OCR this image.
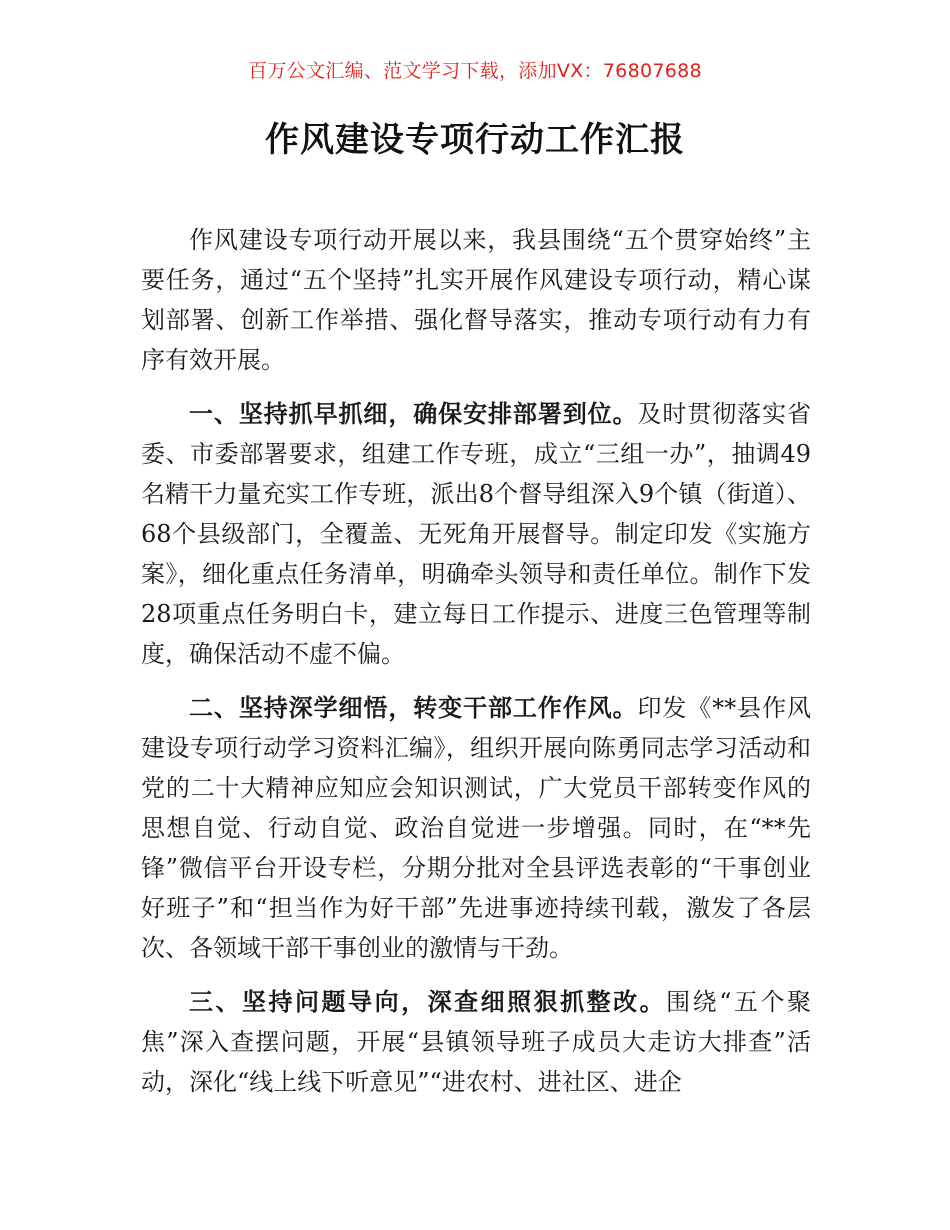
百万公文汇编、范文学习下载，添加VX：76807688
作风建设专项行动工作汇报

作风建设专项行动开展以来，我县围绕“五个贯穿始终”主要任务，通过“五个坚持”扎实开展作风建设专项行动，精心谋划部署、创新工作举措、强化督导落实，推动专项行动有力有序有效开展。

一、坚持抓早抓细，确保安排部署到位。及时贯彻落实省委、市委部署要求，组建工作专班，成立“三组一办”，抽调49名精干力量充实工作专班，派出8个督导组深入9个镇（街道）、68个县级部门，全覆盖、无死角开展督导。制定印发《实施方案》，细化重点任务清单，明确牵头领导和责任单位。制作下发28项重点任务明白卡，建立每日工作提示、进度三色管理等制度，确保活动不虚不偏。

二、坚持深学细悟，转变干部工作作风。印发《**县作风建设专项行动学习资料汇编》，组织开展向陈勇同志学习活动和党的二十大精神应知应会知识测试，广大党员干部转变作风的思想自觉、行动自觉、政治自觉进一步增强。同时，在“**先锋”微信平台开设专栏，分期分批对全县评选表彰的“干事创业好班子”和“担当作为好干部”先进事迹持续刊载，激发了各层次、各领域干部干事创业的激情与干劲。

三、坚持问题导向，深查细照狠抓整改。围绕“五个聚焦”深入查摆问题，开展“县镇领导班子成员大走访大排查”活动，深化“线上线下听意见”“进农村、进社区、进企
